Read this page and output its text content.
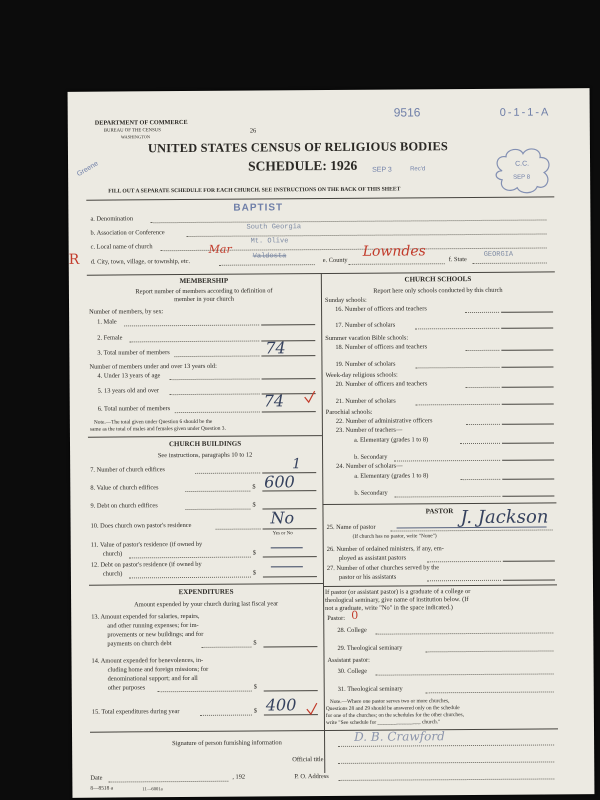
DEPARTMENT OF COMMERCE
BUREAU OF THE CENSUS
WASHINGTON
26
UNITED STATES CENSUS OF RELIGIOUS BODIES
SCHEDULE: 1926
FILL OUT A SEPARATE SCHEDULE FOR EACH CHURCH. SEE INSTRUCTIONS ON THE BACK OF THIS SHEET
9516	0-1-1-A
SEP 3	Rec'd
C.C.
SEP 8
Greene
a. Denomination
BAPTIST
b. Association or Conference
South Georgia
c. Local name of church
Mt. Olive
R d. City, town, village, or township, etc.
Valdosta
Mar
e. County
Lowndes	f. State
GEORGIA
MEMBERSHIP
Report number of members according to definition of
member in your church
Number of members, by sex:
1. Male
2. Female
3. Total number of members	74
Number of members under and over 13 years old:
4. Under 13 years of age
5. 13 years old and over
6. Total number of members	74
Note.—The total given under Question 6 should be the
same as the total of males and females given under Question 3.
CHURCH BUILDINGS
See instructions, paragraphs 10 to 12
7. Number of church edifices	1
8. Value of church edifices	$ 600
9. Debt on church edifices	$
10. Does church own pastor's residence	No
Yes or No
11. Value of pastor's residence (if owned by
church)	$
12. Debt on pastor's residence (if owned by
church)	$
EXPENDITURES
Amount expended by your church during last fiscal year
13. Amount expended for salaries, repairs,
and other running expenses; for im-
provements or new buildings; and for
payments on church debt	$
14. Amount expended for benevolences, in-
cluding home and foreign missions; for
denominational support; and for all
other purposes	$
15. Total expenditures during year	$ 400
CHURCH SCHOOLS
Report here only schools conducted by this church
Sunday schools:
16. Number of officers and teachers
17. Number of scholars
Summer vacation Bible schools:
18. Number of officers and teachers
19. Number of scholars
Week-day religious schools:
20. Number of officers and teachers
21. Number of scholars
Parochial schools:
22. Number of administrative officers
23. Number of teachers—
a. Elementary (grades 1 to 8)
b. Secondary
24. Number of scholars—
a. Elementary (grades 1 to 8)
b. Secondary
PASTOR
25. Name of pastor	J. Jackson
(If church has no pastor, write "None")
26. Number of ordained ministers, if any, em-
ployed as assistant pastors
27. Number of other churches served by the
pastor or his assistants
If pastor (or assistant pastor) is a graduate of a college or
theological seminary, give name of institution below. (If
not a graduate, write "No" in the space indicated.)
Pastor: 0
28. College
29. Theological seminary
Assistant pastor:
30. College
31. Theological seminary
Note.—Where one pastor serves two or more churches,
Questions 28 and 29 should be answered only on the schedule
for one of the churches; on the schedules for the other churches,
write "See schedule for ________________ church."
Signature of person furnishing information	D. B. Crawford
Official title
Date	, 192	P. O. Address
8—8518 a	11—6001a
